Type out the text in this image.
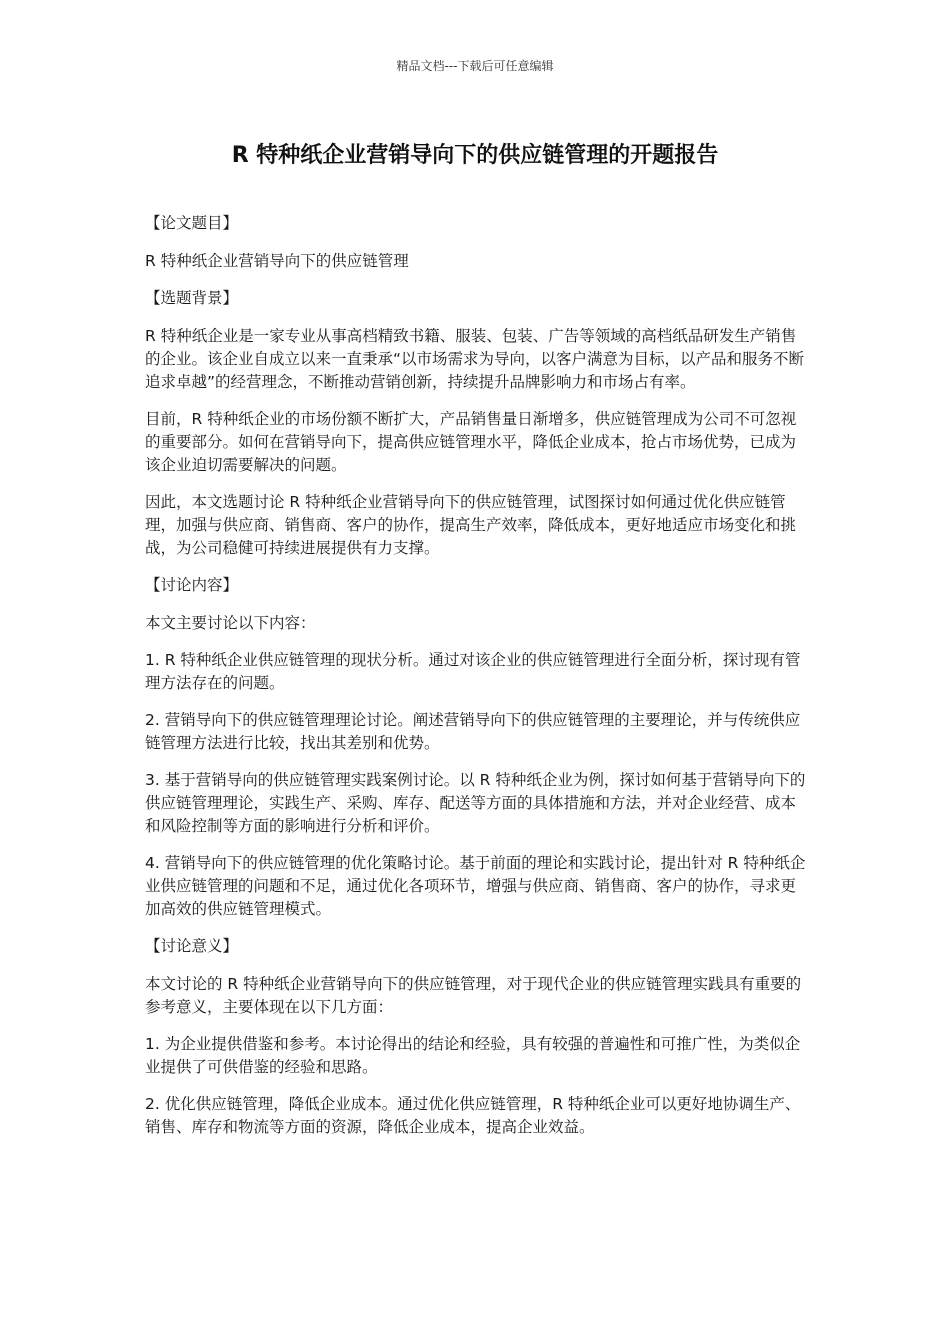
精品文档---下载后可任意编辑
R 特种纸企业营销导向下的供应链管理的开题报告

【论文题目】

R 特种纸企业营销导向下的供应链管理

【选题背景】

R 特种纸企业是一家专业从事高档精致书籍、服装、包装、广告等领域的高档纸品研发生产销售的企业。该企业自成立以来一直秉承“以市场需求为导向，以客户满意为目标，以产品和服务不断追求卓越”的经营理念，不断推动营销创新，持续提升品牌影响力和市场占有率。

目前，R 特种纸企业的市场份额不断扩大，产品销售量日渐增多，供应链管理成为公司不可忽视的重要部分。如何在营销导向下，提高供应链管理水平，降低企业成本，抢占市场优势，已成为该企业迫切需要解决的问题。

因此，本文选题讨论 R 特种纸企业营销导向下的供应链管理，试图探讨如何通过优化供应链管理，加强与供应商、销售商、客户的协作，提高生产效率，降低成本，更好地适应市场变化和挑战，为公司稳健可持续进展提供有力支撑。

【讨论内容】

本文主要讨论以下内容：

1. R 特种纸企业供应链管理的现状分析。通过对该企业的供应链管理进行全面分析，探讨现有管理方法存在的问题。

2. 营销导向下的供应链管理理论讨论。阐述营销导向下的供应链管理的主要理论，并与传统供应链管理方法进行比较，找出其差别和优势。

3. 基于营销导向的供应链管理实践案例讨论。以 R 特种纸企业为例，探讨如何基于营销导向下的供应链管理理论，实践生产、采购、库存、配送等方面的具体措施和方法，并对企业经营、成本和风险控制等方面的影响进行分析和评价。

4. 营销导向下的供应链管理的优化策略讨论。基于前面的理论和实践讨论，提出针对 R 特种纸企业供应链管理的问题和不足，通过优化各项环节，增强与供应商、销售商、客户的协作，寻求更加高效的供应链管理模式。

【讨论意义】

本文讨论的 R 特种纸企业营销导向下的供应链管理，对于现代企业的供应链管理实践具有重要的参考意义，主要体现在以下几方面：

1. 为企业提供借鉴和参考。本讨论得出的结论和经验，具有较强的普遍性和可推广性，为类似企业提供了可供借鉴的经验和思路。

2. 优化供应链管理，降低企业成本。通过优化供应链管理，R 特种纸企业可以更好地协调生产、销售、库存和物流等方面的资源，降低企业成本，提高企业效益。
